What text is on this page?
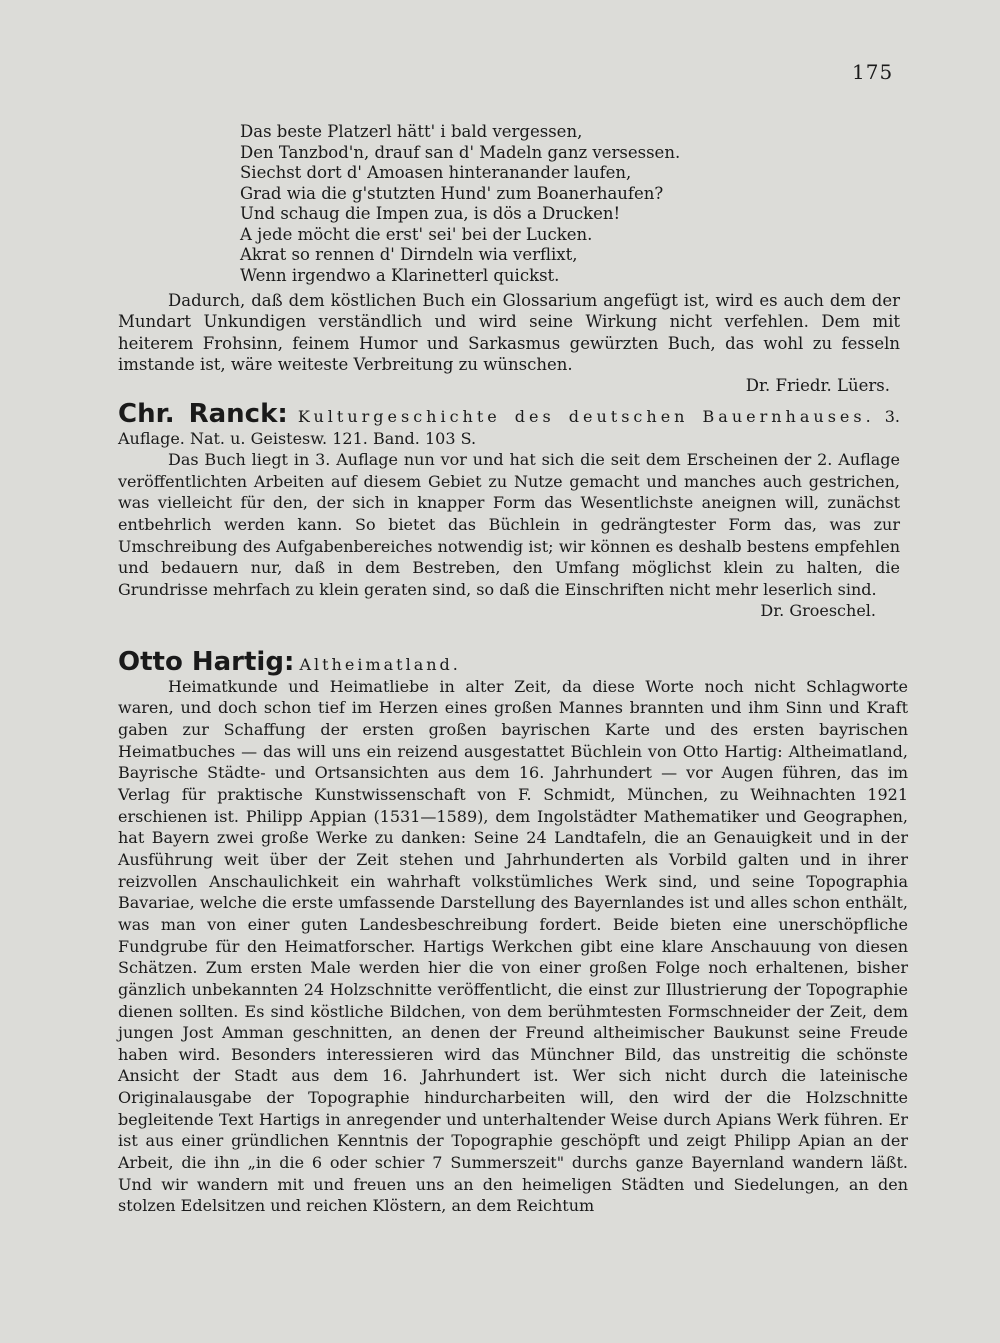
175
Das beste Platzerl hätt' i bald vergessen,
Den Tanzbod'n, drauf san d' Madeln ganz versessen.
Siechst dort d' Amoasen hinteranander laufen,
Grad wia die g'stutzten Hund' zum Boanerhaufen?
Und schaug die Impen zua, is dös a Drucken!
A jede möcht die erst' sei' bei der Lucken.
Akrat so rennen d' Dirndeln wia verflixt,
Wenn irgendwo a Klarinetterl quickst.

Dadurch, daß dem köstlichen Buch ein Glossarium angefügt ist, wird es auch dem der Mundart Unkundigen verständlich und wird seine Wirkung nicht verfehlen. Dem mit heiterem Frohsinn, feinem Humor und Sarkasmus gewürzten Buch, das wohl zu fesseln imstande ist, wäre weiteste Verbreitung zu wünschen.

Dr. Friedr. Lüers.

Chr. Ranck: Kulturgeschichte des deutschen Bauernhauses. 3. Auflage. Nat. u. Geistesw. 121. Band. 103 S.

Das Buch liegt in 3. Auflage nun vor und hat sich die seit dem Erscheinen der 2. Auflage veröffentlichten Arbeiten auf diesem Gebiet zu Nutze gemacht und manches auch gestrichen, was vielleicht für den, der sich in knapper Form das Wesentlichste aneignen will, zunächst entbehrlich werden kann. So bietet das Büchlein in gedrängtester Form das, was zur Umschreibung des Aufgabenbereiches notwendig ist; wir können es deshalb bestens empfehlen und bedauern nur, daß in dem Bestreben, den Umfang möglichst klein zu halten, die Grundrisse mehrfach zu klein geraten sind, so daß die Einschriften nicht mehr leserlich sind.
Dr. Groeschel.

Otto Hartig: Altheimatland.

Heimatkunde und Heimatliebe in alter Zeit, da diese Worte noch nicht Schlagworte waren, und doch schon tief im Herzen eines großen Mannes brannten und ihm Sinn und Kraft gaben zur Schaffung der ersten großen bayrischen Karte und des ersten bayrischen Heimatbuches — das will uns ein reizend ausgestattet Büchlein von Otto Hartig: Altheimatland, Bayrische Städte- und Ortsansichten aus dem 16. Jahrhundert — vor Augen führen, das im Verlag für praktische Kunstwissenschaft von F. Schmidt, München, zu Weihnachten 1921 erschienen ist. Philipp Appian (1531—1589), dem Ingolstädter Mathematiker und Geographen, hat Bayern zwei große Werke zu danken: Seine 24 Landtafeln, die an Genauigkeit und in der Ausführung weit über der Zeit stehen und Jahrhunderten als Vorbild galten und in ihrer reizvollen Anschaulichkeit ein wahrhaft volkstümliches Werk sind, und seine Topographia Bavariae, welche die erste umfassende Darstellung des Bayernlandes ist und alles schon enthält, was man von einer guten Landesbeschreibung fordert. Beide bieten eine unerschöpfliche Fundgrube für den Heimatforscher. Hartigs Werkchen gibt eine klare Anschauung von diesen Schätzen. Zum ersten Male werden hier die von einer großen Folge noch erhaltenen, bisher gänzlich unbekannten 24 Holzschnitte veröffentlicht, die einst zur Illustrierung der Topographie dienen sollten. Es sind köstliche Bildchen, von dem berühmtesten Formschneider der Zeit, dem jungen Jost Amman geschnitten, an denen der Freund altheimischer Baukunst seine Freude haben wird. Besonders interessieren wird das Münchner Bild, das unstreitig die schönste Ansicht der Stadt aus dem 16. Jahrhundert ist. Wer sich nicht durch die lateinische Originalausgabe der Topographie hindurcharbeiten will, den wird der die Holzschnitte begleitende Text Hartigs in anregender und unterhaltender Weise durch Apians Werk führen. Er ist aus einer gründlichen Kenntnis der Topographie geschöpft und zeigt Philipp Apian an der Arbeit, die ihn „in die 6 oder schier 7 Summerszeit" durchs ganze Bayernland wandern läßt. Und wir wandern mit und freuen uns an den heimeligen Städten und Siedelungen, an den stolzen Edelsitzen und reichen Klöstern, an dem Reichtum
